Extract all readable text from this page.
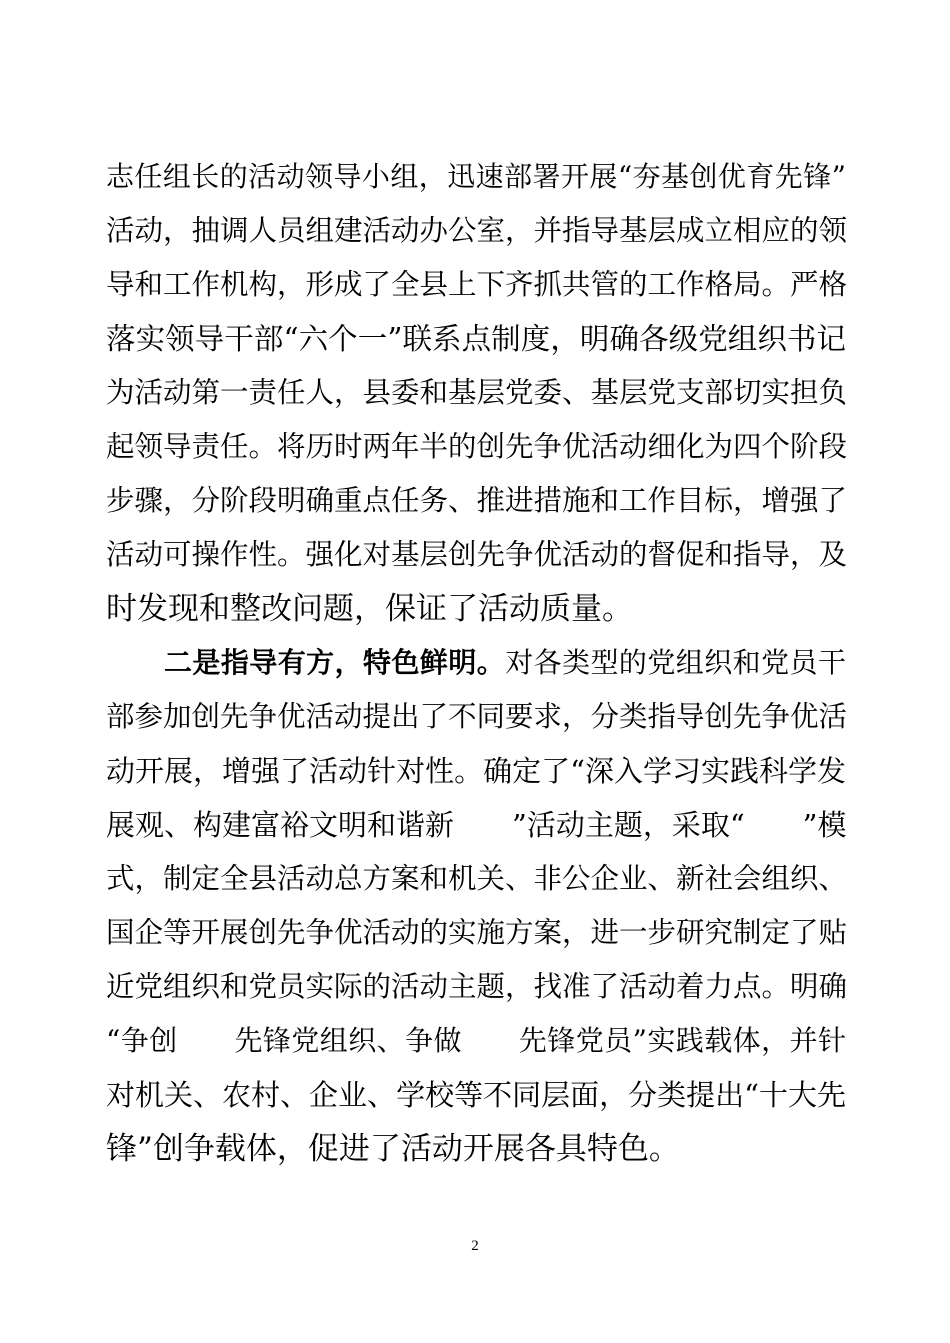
志任组长的活动领导小组，迅速部署开展“夯基创优育先锋”
活动，抽调人员组建活动办公室，并指导基层成立相应的领
导和工作机构，形成了全县上下齐抓共管的工作格局。严格
落实领导干部“六个一”联系点制度，明确各级党组织书记
为活动第一责任人，县委和基层党委、基层党支部切实担负
起领导责任。将历时两年半的创先争优活动细化为四个阶段
步骤，分阶段明确重点任务、推进措施和工作目标，增强了
活动可操作性。强化对基层创先争优活动的督促和指导，及
时发现和整改问题，保证了活动质量。
二是指导有方，特色鲜明。对各类型的党组织和党员干
部参加创先争优活动提出了不同要求，分类指导创先争优活
动开展，增强了活动针对性。确定了“深入学习实践科学发
展观、构建富裕文明和谐新　　”活动主题，采取“　　”模
式，制定全县活动总方案和机关、非公企业、新社会组织、
国企等开展创先争优活动的实施方案，进一步研究制定了贴
近党组织和党员实际的活动主题，找准了活动着力点。明确
“争创　　先锋党组织、争做　　先锋党员”实践载体，并针
对机关、农村、企业、学校等不同层面，分类提出“十大先
锋”创争载体，促进了活动开展各具特色。
2
